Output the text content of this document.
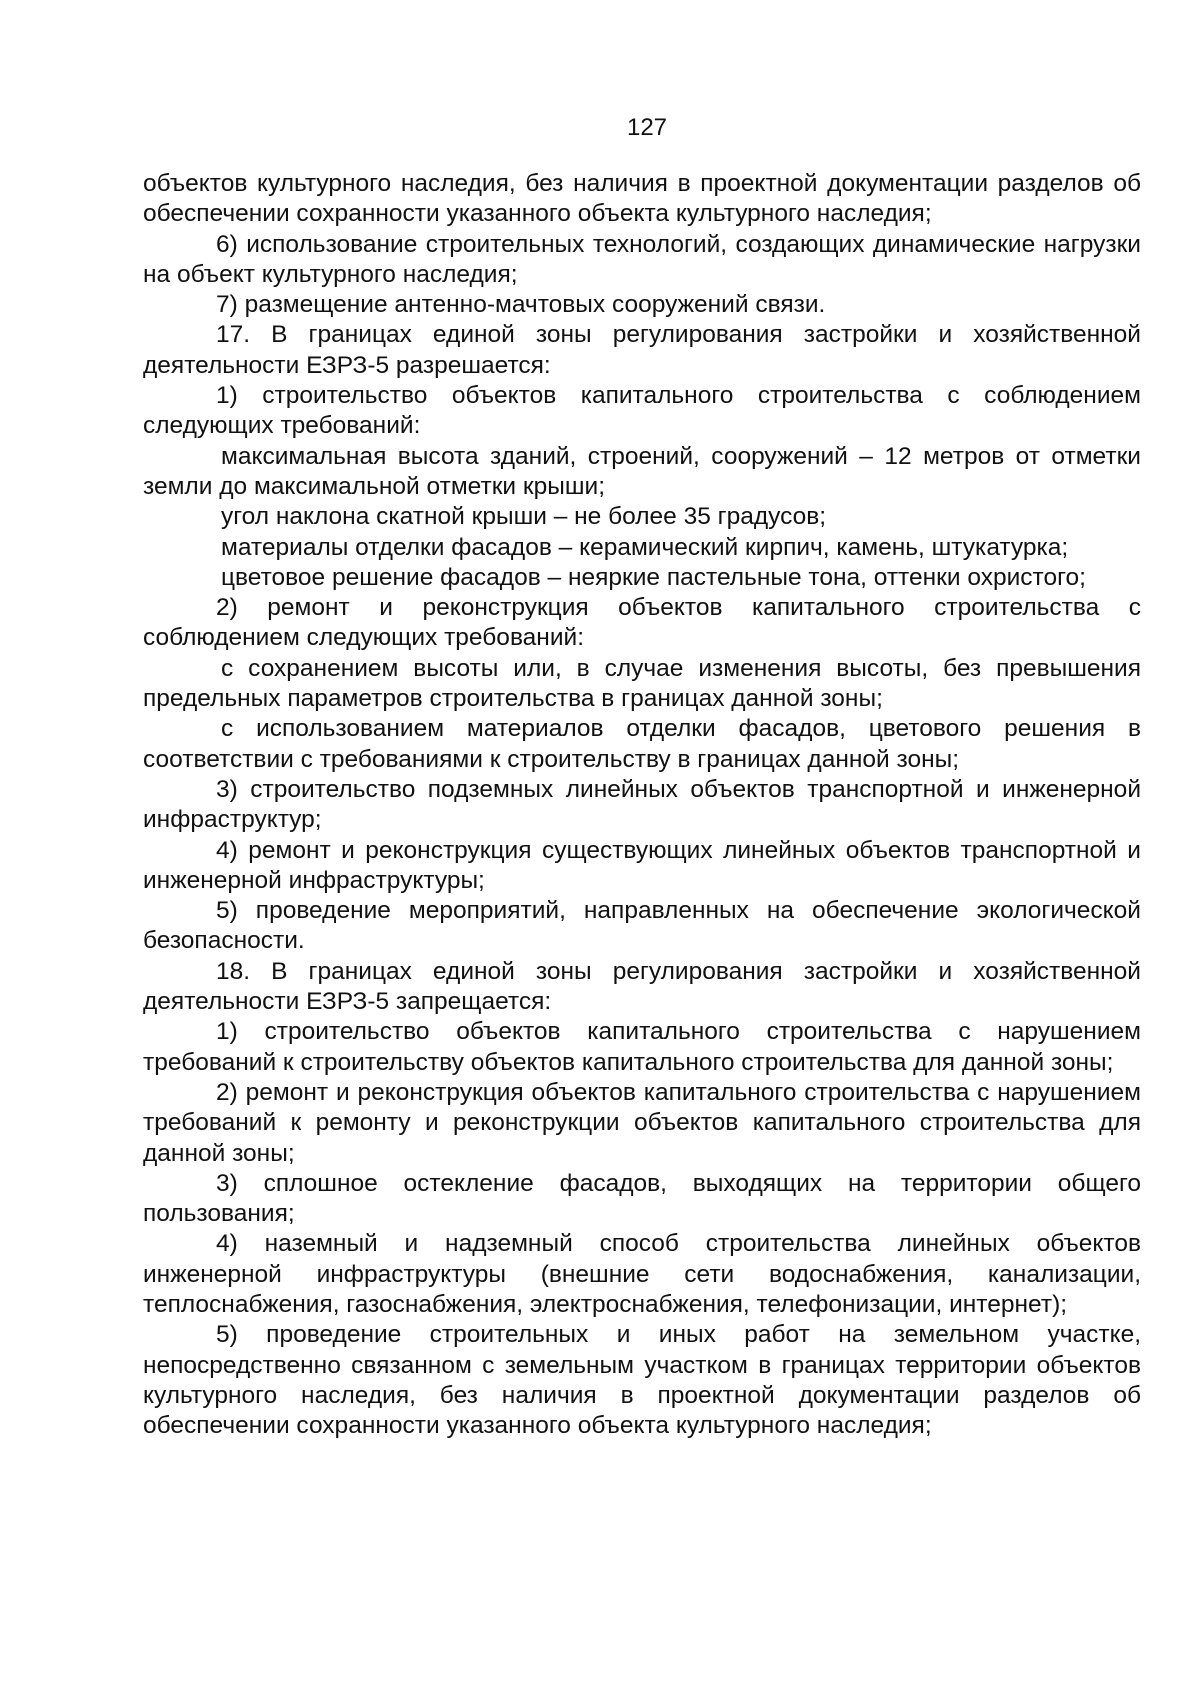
127

объектов культурного наследия, без наличия в проектной документации разделов об обеспечении сохранности указанного объекта культурного наследия;

6) использование строительных технологий, создающих динамические нагрузки на объект культурного наследия;

7) размещение антенно-мачтовых сооружений связи.

17. В границах единой зоны регулирования застройки и хозяйственной деятельности ЕЗРЗ-5 разрешается:

1) строительство объектов капитального строительства с соблюдением следующих требований:

максимальная высота зданий, строений, сооружений – 12 метров от отметки земли до максимальной отметки крыши;

угол наклона скатной крыши – не более 35 градусов;

материалы отделки фасадов – керамический кирпич, камень, штукатурка;

цветовое решение фасадов – неяркие пастельные тона, оттенки охристого;

2) ремонт и реконструкция объектов капитального строительства с соблюдением следующих требований:

с сохранением высоты или, в случае изменения высоты, без превышения предельных параметров строительства в границах данной зоны;

с использованием материалов отделки фасадов, цветового решения в соответствии с требованиями к строительству в границах данной зоны;

3) строительство подземных линейных объектов транспортной и инженерной инфраструктур;

4) ремонт и реконструкция существующих линейных объектов транспортной и инженерной инфраструктуры;

5) проведение мероприятий, направленных на обеспечение экологической безопасности.

18. В границах единой зоны регулирования застройки и хозяйственной деятельности ЕЗРЗ-5 запрещается:

1) строительство объектов капитального строительства с нарушением требований к строительству объектов капитального строительства для данной зоны;

2) ремонт и реконструкция объектов капитального строительства с нарушением требований к ремонту и реконструкции объектов капитального строительства для данной зоны;

3) сплошное остекление фасадов, выходящих на территории общего пользования;

4) наземный и надземный способ строительства линейных объектов инженерной инфраструктуры (внешние сети водоснабжения, канализации, теплоснабжения, газоснабжения, электроснабжения, телефонизации, интернет);

5) проведение строительных и иных работ на земельном участке, непосредственно связанном с земельным участком в границах территории объектов культурного наследия, без наличия в проектной документации разделов об обеспечении сохранности указанного объекта культурного наследия;
